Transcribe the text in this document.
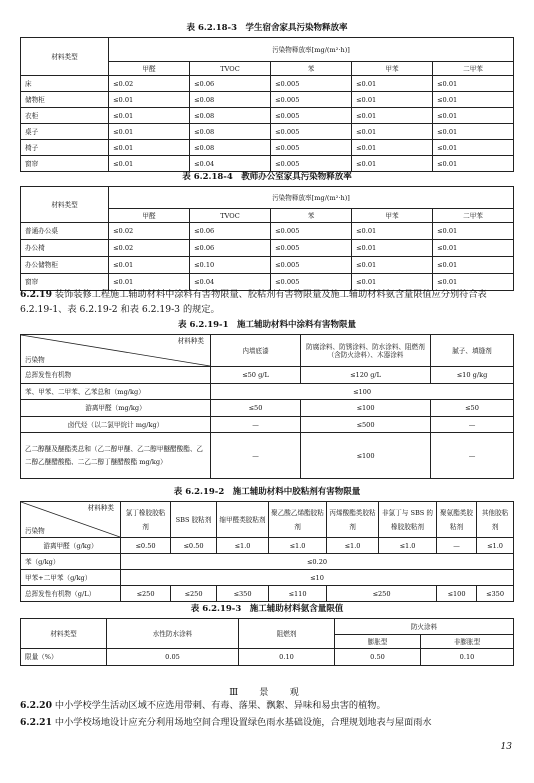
表 6.2.18-3　学生宿舍家具污染物释放率
材料类型	污染物释放率[mg/(m²·h)]				
	甲醛	TVOC	苯	甲苯	二甲苯
床	≤0.02	≤0.06	≤0.005	≤0.01	≤0.01
储物柜	≤0.01	≤0.08	≤0.005	≤0.01	≤0.01
衣柜	≤0.01	≤0.08	≤0.005	≤0.01	≤0.01
桌子	≤0.01	≤0.08	≤0.005	≤0.01	≤0.01
椅子	≤0.01	≤0.08	≤0.005	≤0.01	≤0.01
窗帘	≤0.01	≤0.04	≤0.005	≤0.01	≤0.01
表 6.2.18-4　教师办公室家具污染物释放率
材料类型	污染物释放率[mg/(m²·h)]				
	甲醛	TVOC	苯	甲苯	二甲苯
普通办公桌	≤0.02	≤0.06	≤0.005	≤0.01	≤0.01
办公椅	≤0.02	≤0.06	≤0.005	≤0.01	≤0.01
办公储物柜	≤0.01	≤0.10	≤0.005	≤0.01	≤0.01
窗帘	≤0.01	≤0.04	≤0.005	≤0.01	≤0.01
6.2.19 装饰装修工程施工辅助材料中涂料有害物限量、胶粘剂有害物限量及施工辅助材料氨含量限值应分别符合表 6.2.19-1、表 6.2.19-2 和表 6.2.19-3 的规定。
表 6.2.19-1　施工辅助材料中涂料有害物限量
材料种类
污染物	内墙底漆	防腐涂料、防锈涂料、防水涂料、阻燃剂（含防火涂料）、木器涂料	腻子、填缝剂
总挥发性有机物	≤50 g/L	≤120 g/L	≤10 g/kg
苯、甲苯、二甲苯、乙苯总和（mg/kg）	≤100		
游离甲醛（mg/kg）	≤50	≤100	≤50
卤代烃（以二氯甲烷计 mg/kg）	—	≤500	—
乙二醇醚及醚酯类总和（乙二醇甲醚、乙二醇甲醚醋酸酯、乙二醇乙醚醋酸酯、二乙二醇丁醚醋酸酯 mg/kg）	—	≤100	—
表 6.2.19-2　施工辅助材料中胶粘剂有害物限量
材料种类
污染物	氯丁橡胶胶粘剂	SBS 胶粘剂	缩甲醛类胶粘剂	聚乙酸乙烯酯胶粘剂	丙烯酸酯类胶粘剂	非氯丁与 SBS 的橡胶胶粘剂	聚氨酯类胶粘剂	其他胶粘剂
游离甲醛（g/kg）	≤0.50	≤0.50	≤1.0	≤1.0	≤1.0	≤1.0	—	≤1.0
苯（g/kg）	≤0.20							
甲苯+二甲苯（g/kg）	≤10							
总挥发性有机物（g/L）	≤250	≤250	≤350	≤110	≤250		≤100	≤350
表 6.2.19-3　施工辅助材料氨含量限值
材料类型	水性防水涂料	阻燃剂	防火涂料	
			膨胀型	非膨胀型
限量（%）	0.05	0.10	0.50	0.10
Ⅲ　景　观
6.2.20 中小学校学生活动区域不应选用带刺、有毒、落果、飘絮、异味和易虫害的植物。
6.2.21 中小学校场地设计应充分利用场地空间合理设置绿色雨水基础设施，合理规划地表与屋面雨水
13
